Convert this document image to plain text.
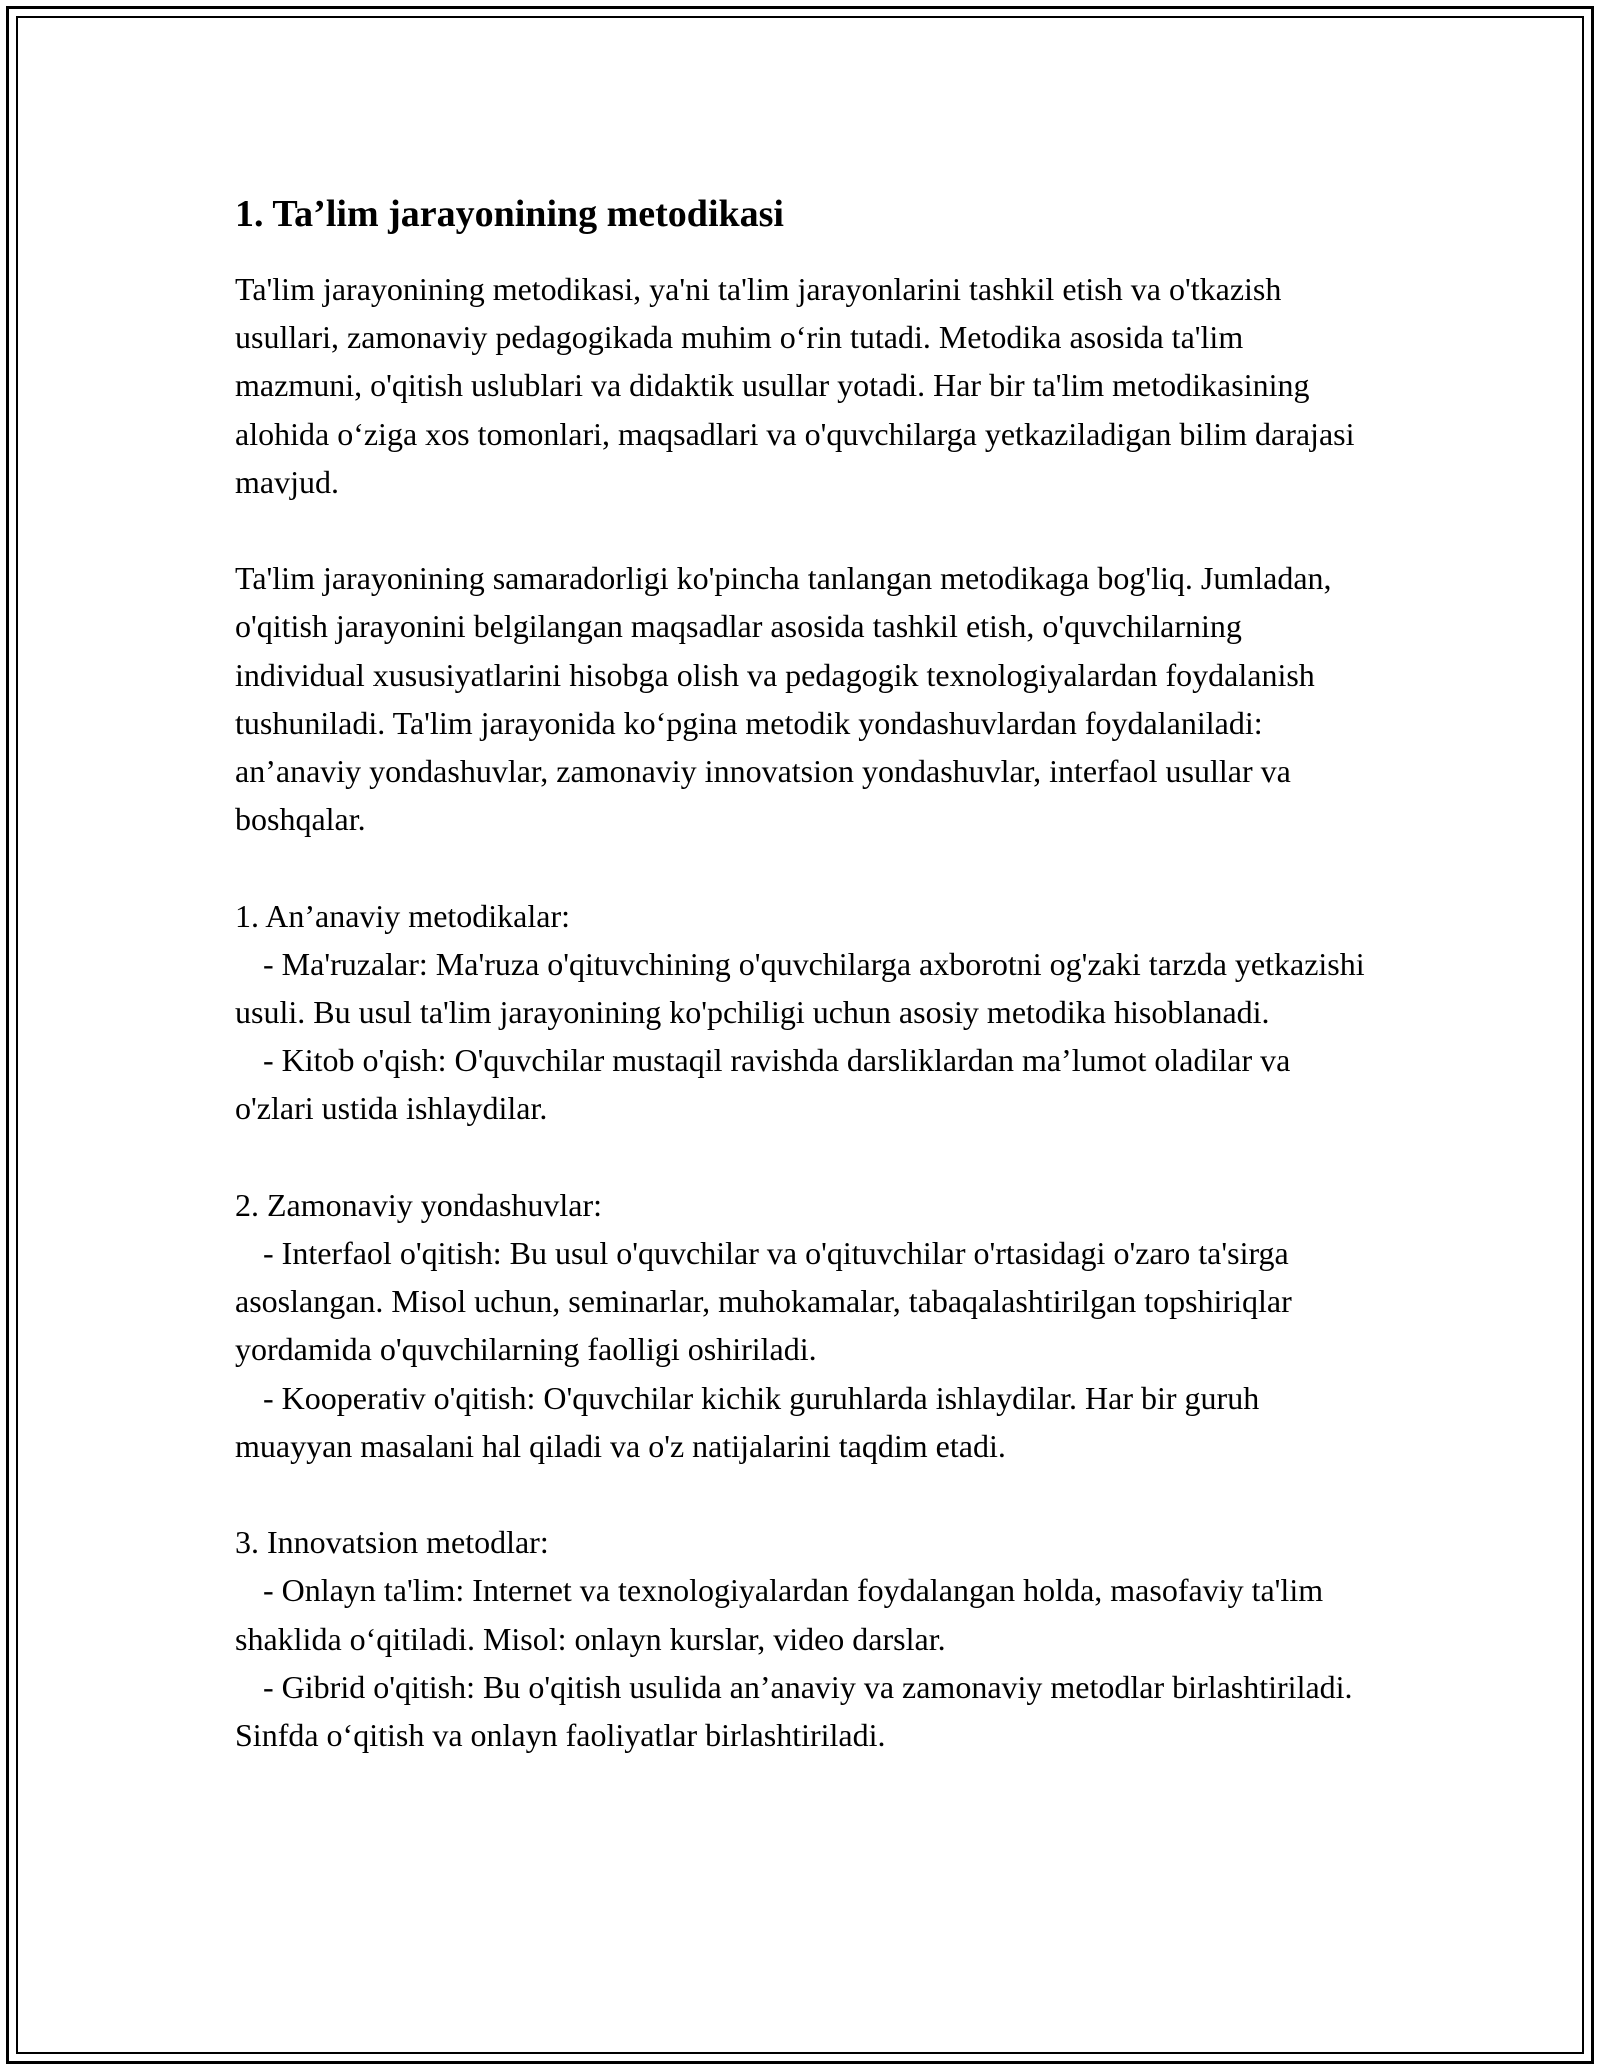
1. Ta’lim jarayonining metodikasi

Ta'lim jarayonining metodikasi, ya'ni ta'lim jarayonlarini tashkil etish va o'tkazish usullari, zamonaviy pedagogikada muhim o‘rin tutadi. Metodika asosida ta'lim mazmuni, o'qitish uslublari va didaktik usullar yotadi. Har bir ta'lim metodikasining alohida o‘ziga xos tomonlari, maqsadlari va o'quvchilarga yetkaziladigan bilim darajasi mavjud.

Ta'lim jarayonining samaradorligi ko'pincha tanlangan metodikaga bog'liq. Jumladan, o'qitish jarayonini belgilangan maqsadlar asosida tashkil etish, o'quvchilarning individual xususiyatlarini hisobga olish va pedagogik texnologiyalardan foydalanish tushuniladi. Ta'lim jarayonida ko‘pgina metodik yondashuvlardan foydalaniladi: an’anaviy yondashuvlar, zamonaviy innovatsion yondashuvlar, interfaol usullar va boshqalar.

1. An’anaviy metodikalar:

- Ma'ruzalar: Ma'ruza o'qituvchining o'quvchilarga axborotni og'zaki tarzda yetkazishi usuli. Bu usul ta'lim jarayonining ko'pchiligi uchun asosiy metodika hisoblanadi.

- Kitob o'qish: O'quvchilar mustaqil ravishda darsliklardan ma’lumot oladilar va o'zlari ustida ishlaydilar.

2. Zamonaviy yondashuvlar:

- Interfaol o'qitish: Bu usul o'quvchilar va o'qituvchilar o'rtasidagi o'zaro ta'sirga asoslangan. Misol uchun, seminarlar, muhokamalar, tabaqalashtirilgan topshiriqlar yordamida o'quvchilarning faolligi oshiriladi.

- Kooperativ o'qitish: O'quvchilar kichik guruhlarda ishlaydilar. Har bir guruh muayyan masalani hal qiladi va o'z natijalarini taqdim etadi.

3. Innovatsion metodlar:

- Onlayn ta'lim: Internet va texnologiyalardan foydalangan holda, masofaviy ta'lim shaklida o‘qitiladi. Misol: onlayn kurslar, video darslar.

- Gibrid o'qitish: Bu o'qitish usulida an’anaviy va zamonaviy metodlar birlashtiriladi. Sinfda o‘qitish va onlayn faoliyatlar birlashtiriladi.
